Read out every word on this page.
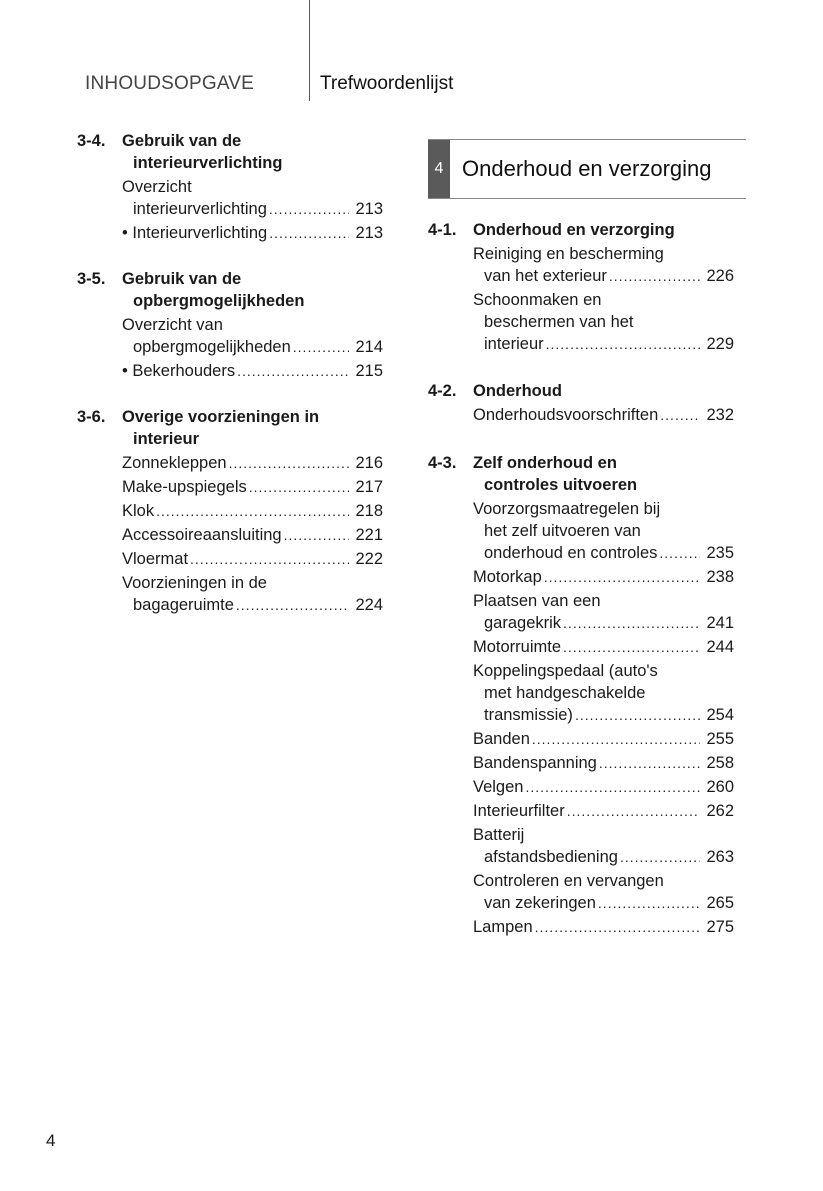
INHOUDSOPGAVE	Trefwoordenlijst
4 Onderhoud en verzorging
3-4.	Gebruik van de
interieurverlichting
Overzicht
interieurverlichting .....	213
• Interieurverlichting .....	213
3-5.	Gebruik van de
opbergmogelijkheden
Overzicht van
opbergmogelijkheden .....	214
• Bekerhouders .....	215
3-6.	Overige voorzieningen in
interieur
Zonnekleppen .....	216
Make-upspiegels .....	217
Klok .....	218
Accessoireaansluiting .....	221
Vloermat .....	222
Voorzieningen in de
bagageruimte .....	224
4-1.	Onderhoud en verzorging
Reiniging en bescherming
van het exterieur .....	226
Schoonmaken en
beschermen van het
interieur .....	229
4-2.	Onderhoud
Onderhoudsvoorschriften .....	232
4-3.	Zelf onderhoud en
controles uitvoeren
Voorzorgsmaatregelen bij
het zelf uitvoeren van
onderhoud en controles .....	235
Motorkap .....	238
Plaatsen van een
garagekrik .....	241
Motorruimte .....	244
Koppelingspedaal (auto's
met handgeschakelde
transmissie) .....	254
Banden .....	255
Bandenspanning .....	258
Velgen .....	260
Interieurfilter .....	262
Batterij
afstandsbediening .....	263
Controleren en vervangen
van zekeringen .....	265
Lampen .....	275
4
